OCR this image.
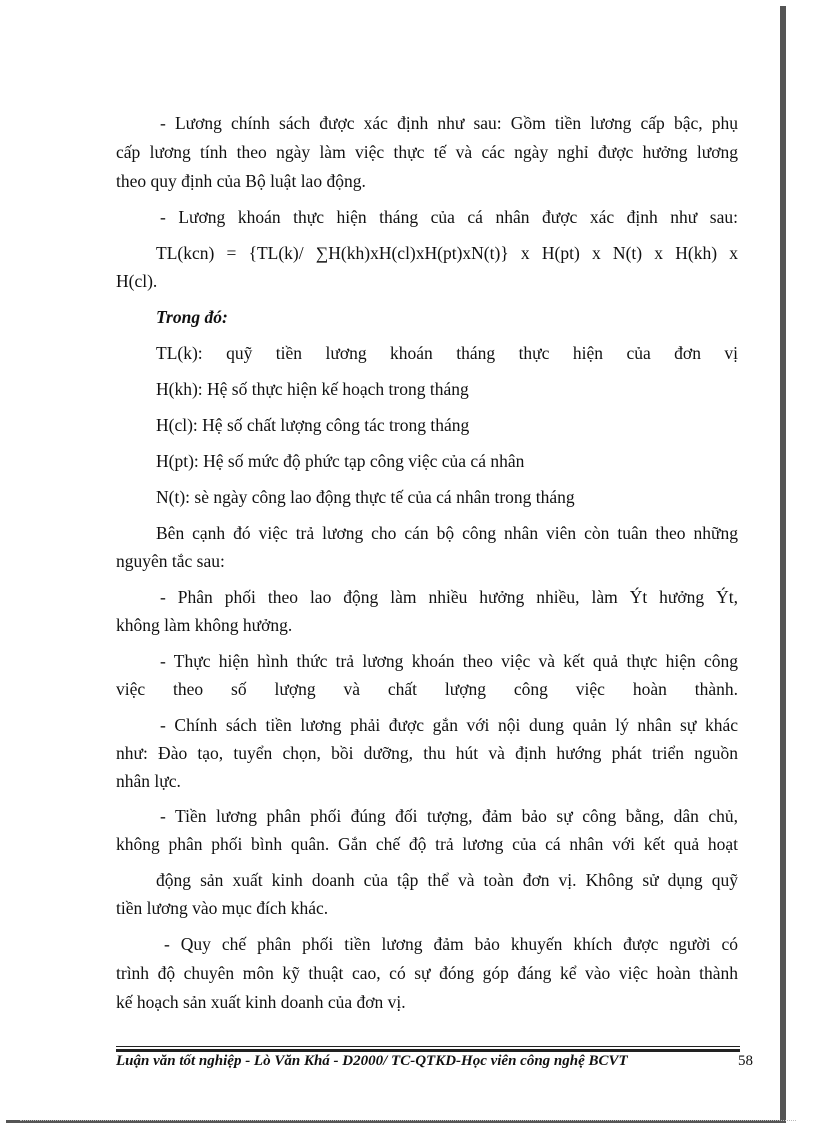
- Lương chính sách được xác định như sau: Gồm tiền lương cấp bậc, phụ
cấp lương tính theo ngày làm việc thực tế và các ngày nghỉ được hưởng lương
theo quy định của Bộ luật lao động.
- Lương khoán thực hiện tháng của cá nhân được xác định như sau:
TL(kcn) = {TL(k)/ ∑H(kh)xH(cl)xH(pt)xN(t)} x H(pt) x N(t) x H(kh) x
H(cl).
Trong đó:
TL(k): quỹ tiền lương khoán tháng thực hiện của đơn vị
H(kh): Hệ số thực hiện kế hoạch trong tháng
H(cl): Hệ số chất lượng công tác trong tháng
H(pt): Hệ số mức độ phức tạp công việc của cá nhân
N(t): sè ngày công lao động thực tế của cá nhân trong tháng
Bên cạnh đó việc trả lương cho cán bộ công nhân viên còn tuân theo những
nguyên tắc sau:
- Phân phối theo lao động làm nhiều hưởng nhiều, làm Ýt hưởng Ýt,
không làm không hưởng.
- Thực hiện hình thức trả lương khoán theo việc và kết quả thực hiện công
việc theo số lượng và chất lượng công việc hoàn thành.
- Chính sách tiền lương phải được gắn với nội dung quản lý nhân sự khác
như: Đào tạo, tuyển chọn, bồi dưỡng, thu hút và định hướng phát triển nguồn
nhân lực.
- Tiền lương phân phối đúng đối tượng, đảm bảo sự công bằng, dân chủ,
không phân phối bình quân. Gắn chế độ trả lương của cá nhân với kết quả hoạt
động sản xuất kinh doanh của tập thể và toàn đơn vị. Không sử dụng quỹ
tiền lương vào mục đích khác.
- Quy chế phân phối tiền lương đảm bảo khuyến khích được người có
trình độ chuyên môn kỹ thuật cao, có sự đóng góp đáng kể vào việc hoàn thành
kế hoạch sản xuất kinh doanh của đơn vị.
Luận văn tốt nghiệp - Lò Văn Khá - D2000/ TC-QTKD-Học viên công nghệ BCVT	58
